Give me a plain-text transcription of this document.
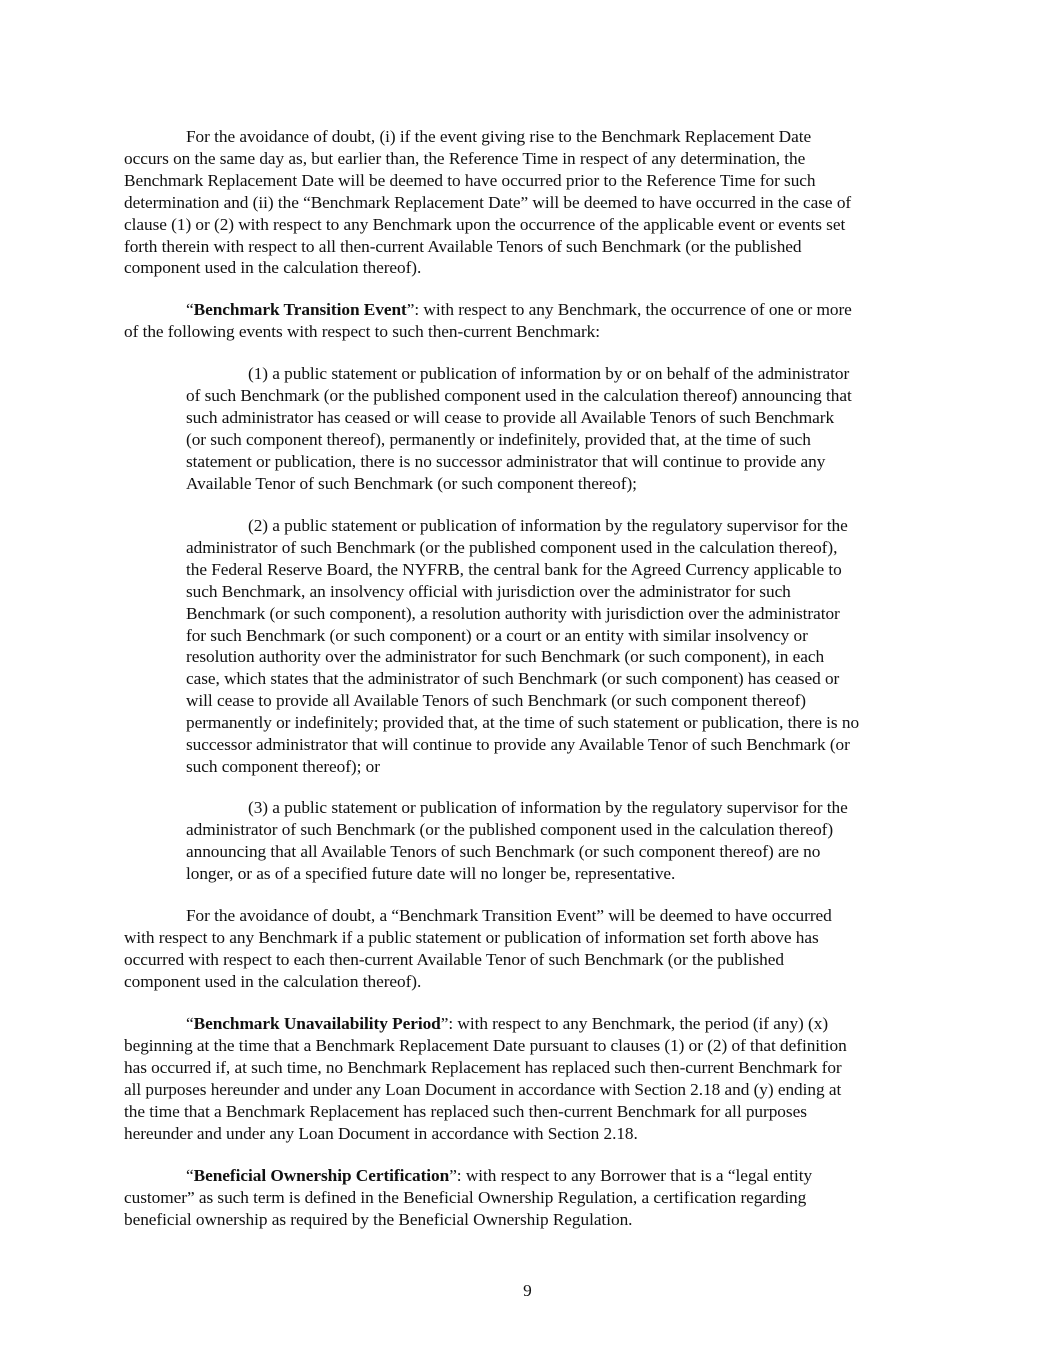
For the avoidance of doubt, (i) if the event giving rise to the Benchmark Replacement Date
occurs on the same day as, but earlier than, the Reference Time in respect of any determination, the
Benchmark Replacement Date will be deemed to have occurred prior to the Reference Time for such
determination and (ii) the “Benchmark Replacement Date” will be deemed to have occurred in the case of
clause (1) or (2) with respect to any Benchmark upon the occurrence of the applicable event or events set
forth therein with respect to all then-current Available Tenors of such Benchmark (or the published
component used in the calculation thereof).
“Benchmark Transition Event”: with respect to any Benchmark, the occurrence of one or more
of the following events with respect to such then-current Benchmark:
(1) a public statement or publication of information by or on behalf of the administrator
of such Benchmark (or the published component used in the calculation thereof) announcing that
such administrator has ceased or will cease to provide all Available Tenors of such Benchmark
(or such component thereof), permanently or indefinitely, provided that, at the time of such
statement or publication, there is no successor administrator that will continue to provide any
Available Tenor of such Benchmark (or such component thereof);
(2) a public statement or publication of information by the regulatory supervisor for the
administrator of such Benchmark (or the published component used in the calculation thereof),
the Federal Reserve Board, the NYFRB, the central bank for the Agreed Currency applicable to
such Benchmark, an insolvency official with jurisdiction over the administrator for such
Benchmark (or such component), a resolution authority with jurisdiction over the administrator
for such Benchmark (or such component) or a court or an entity with similar insolvency or
resolution authority over the administrator for such Benchmark (or such component), in each
case, which states that the administrator of such Benchmark (or such component) has ceased or
will cease to provide all Available Tenors of such Benchmark (or such component thereof)
permanently or indefinitely; provided that, at the time of such statement or publication, there is no
successor administrator that will continue to provide any Available Tenor of such Benchmark (or
such component thereof); or
(3) a public statement or publication of information by the regulatory supervisor for the
administrator of such Benchmark (or the published component used in the calculation thereof)
announcing that all Available Tenors of such Benchmark (or such component thereof) are no
longer, or as of a specified future date will no longer be, representative.
For the avoidance of doubt, a “Benchmark Transition Event” will be deemed to have occurred
with respect to any Benchmark if a public statement or publication of information set forth above has
occurred with respect to each then-current Available Tenor of such Benchmark (or the published
component used in the calculation thereof).
“Benchmark Unavailability Period”: with respect to any Benchmark, the period (if any) (x)
beginning at the time that a Benchmark Replacement Date pursuant to clauses (1) or (2) of that definition
has occurred if, at such time, no Benchmark Replacement has replaced such then-current Benchmark for
all purposes hereunder and under any Loan Document in accordance with Section 2.18 and (y) ending at
the time that a Benchmark Replacement has replaced such then-current Benchmark for all purposes
hereunder and under any Loan Document in accordance with Section 2.18.
“Beneficial Ownership Certification”: with respect to any Borrower that is a “legal entity
customer” as such term is defined in the Beneficial Ownership Regulation, a certification regarding
beneficial ownership as required by the Beneficial Ownership Regulation.
9
